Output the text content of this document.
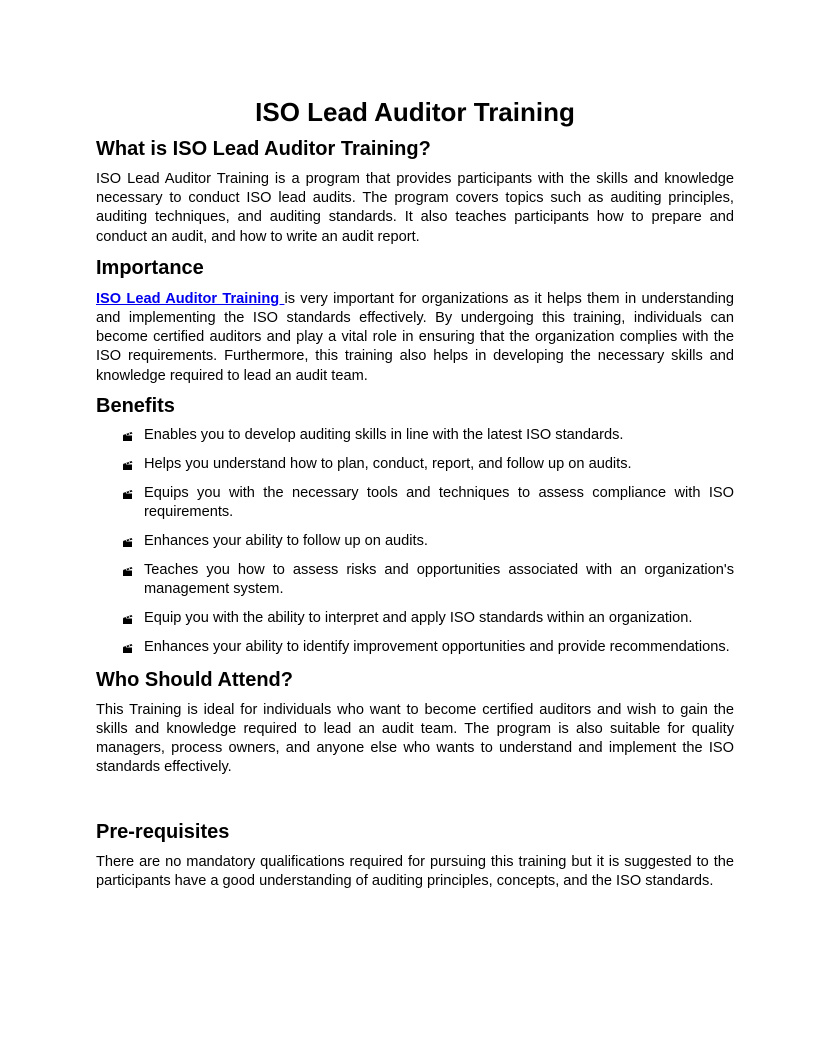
ISO Lead Auditor Training
What is ISO Lead Auditor Training?

ISO Lead Auditor Training is a program that provides participants with the skills and knowledge necessary to conduct ISO lead audits. The program covers topics such as auditing principles, auditing techniques, and auditing standards. It also teaches participants how to prepare and conduct an audit, and how to write an audit report.

Importance

ISO Lead Auditor Training is very important for organizations as it helps them in understanding and implementing the ISO standards effectively. By undergoing this training, individuals can become certified auditors and play a vital role in ensuring that the organization complies with the ISO requirements. Furthermore, this training also helps in developing the necessary skills and knowledge required to lead an audit team.

Benefits
Enables you to develop auditing skills in line with the latest ISO standards.
Helps you understand how to plan, conduct, report, and follow up on audits.
Equips you with the necessary tools and techniques to assess compliance with ISO requirements.
Enhances your ability to follow up on audits.
Teaches you how to assess risks and opportunities associated with an organization's management system.
Equip you with the ability to interpret and apply ISO standards within an organization.
Enhances your ability to identify improvement opportunities and provide recommendations.
Who Should Attend?

This Training is ideal for individuals who want to become certified auditors and wish to gain the skills and knowledge required to lead an audit team. The program is also suitable for quality managers, process owners, and anyone else who wants to understand and implement the ISO standards effectively.

Pre-requisites

There are no mandatory qualifications required for pursuing this training but it is suggested to the participants have a good understanding of auditing principles, concepts, and the ISO standards.
